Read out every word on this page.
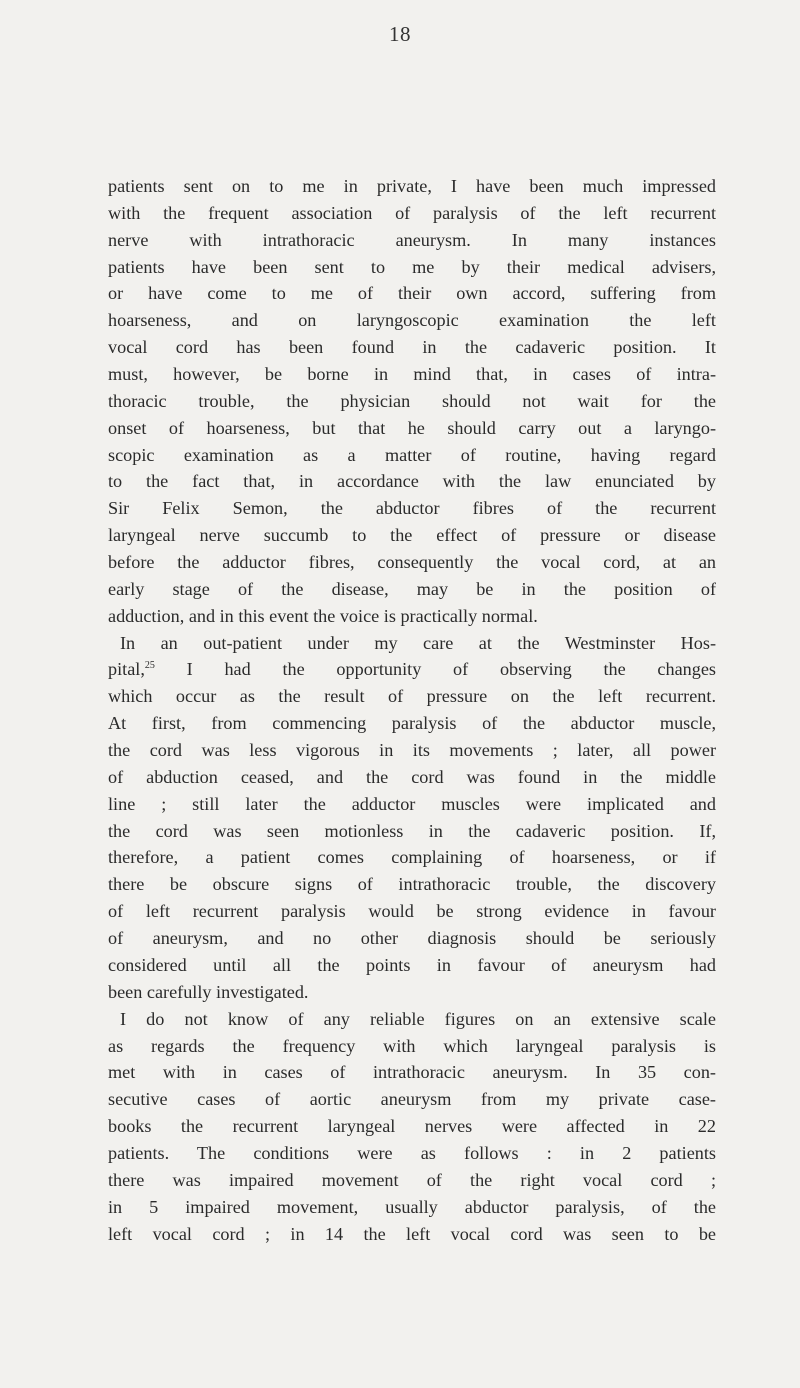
18
patients sent on to me in private, I have been much impressed
with the frequent association of paralysis of the left recurrent
nerve with intrathoracic aneurysm. In many instances
patients have been sent to me by their medical advisers,
or have come to me of their own accord, suffering from
hoarseness, and on laryngoscopic examination the left
vocal cord has been found in the cadaveric position. It
must, however, be borne in mind that, in cases of intra-
thoracic trouble, the physician should not wait for the
onset of hoarseness, but that he should carry out a laryngo-
scopic examination as a matter of routine, having regard
to the fact that, in accordance with the law enunciated by
Sir Felix Semon, the abductor fibres of the recurrent
laryngeal nerve succumb to the effect of pressure or disease
before the adductor fibres, consequently the vocal cord, at an
early stage of the disease, may be in the position of
adduction, and in this event the voice is practically normal.
In an out-patient under my care at the Westminster Hos-
pital,$^{25}$ I had the opportunity of observing the changes
which occur as the result of pressure on the left recurrent.
At first, from commencing paralysis of the abductor muscle,
the cord was less vigorous in its movements ; later, all power
of abduction ceased, and the cord was found in the middle
line ; still later the adductor muscles were implicated and
the cord was seen motionless in the cadaveric position. If,
therefore, a patient comes complaining of hoarseness, or if
there be obscure signs of intrathoracic trouble, the discovery
of left recurrent paralysis would be strong evidence in favour
of aneurysm, and no other diagnosis should be seriously
considered until all the points in favour of aneurysm had
been carefully investigated.
I do not know of any reliable figures on an extensive scale
as regards the frequency with which laryngeal paralysis is
met with in cases of intrathoracic aneurysm. In 35 con-
secutive cases of aortic aneurysm from my private case-
books the recurrent laryngeal nerves were affected in 22
patients. The conditions were as follows : in 2 patients
there was impaired movement of the right vocal cord ;
in 5 impaired movement, usually abductor paralysis, of the
left vocal cord ; in 14 the left vocal cord was seen to be
